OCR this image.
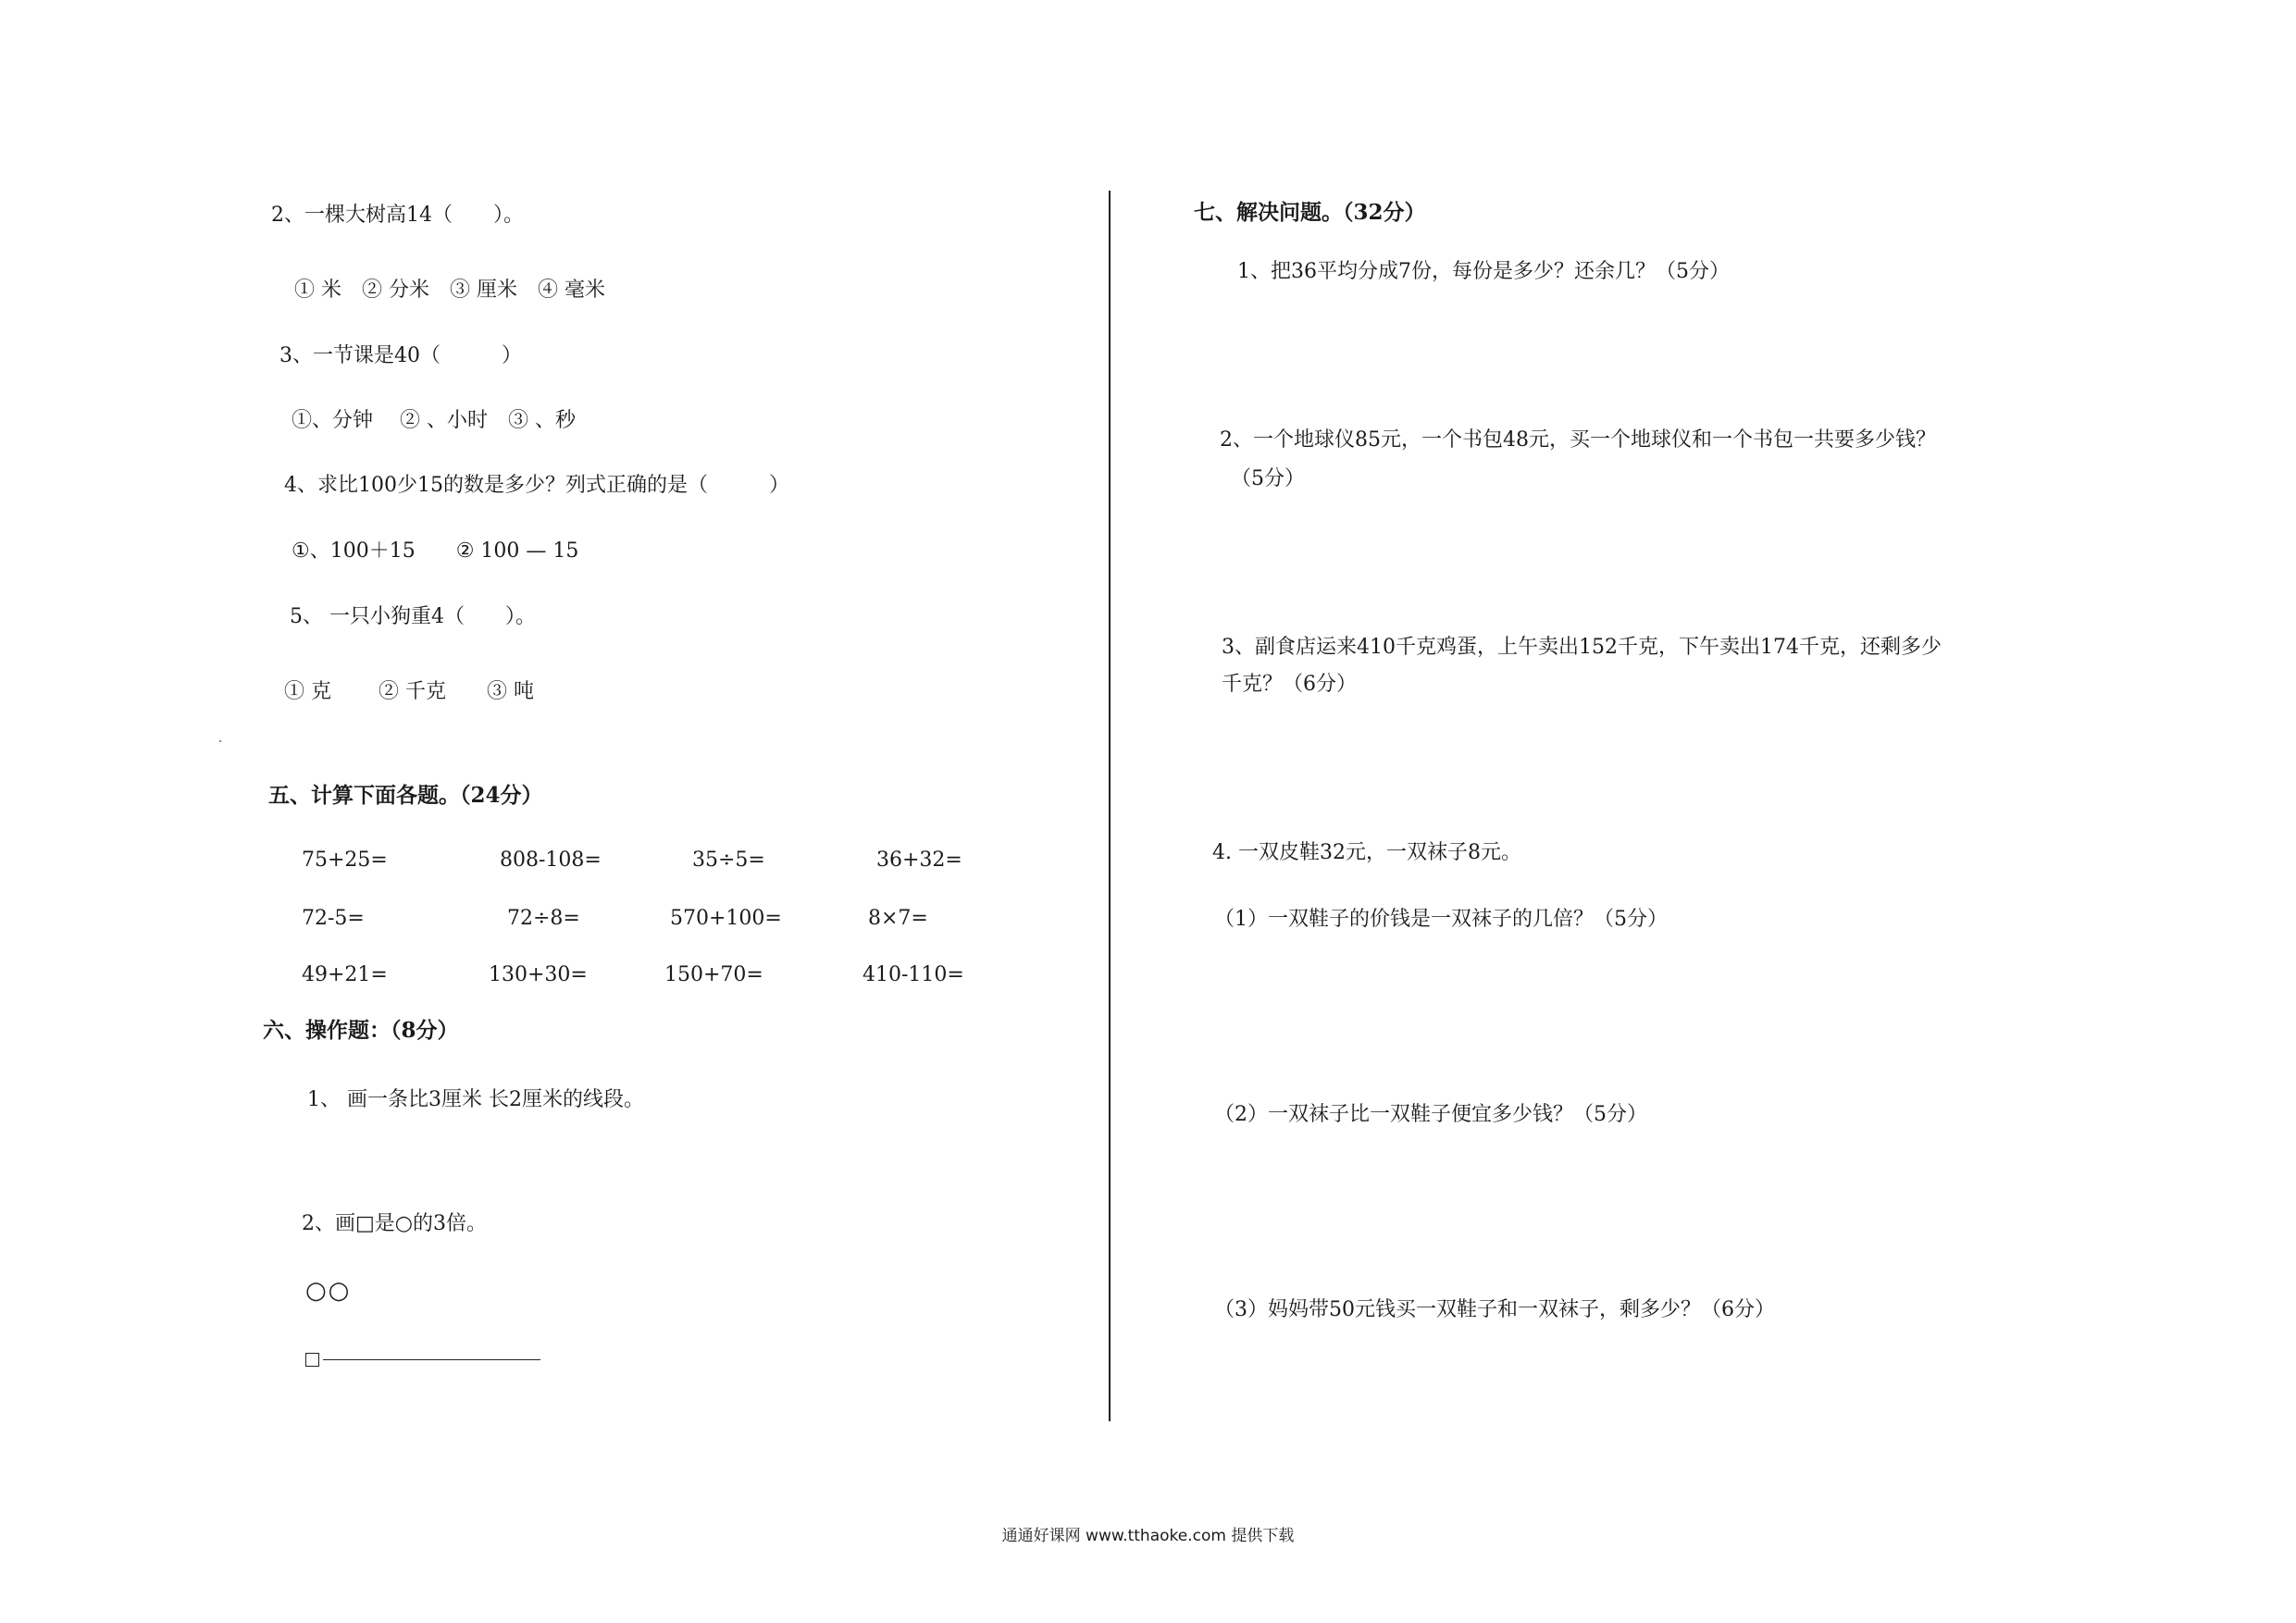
2、一棵大树高14（　　）。
① 米　② 分米　③ 厘米　④ 毫米
3、一节课是40（　　　）
①、分钟　 ② 、小时　③ 、秒
4、求比100少15的数是多少？列式正确的是（　　　）
①、100＋15　　② 100 — 15
5、 一只小狗重4（　　）。
① 克　　 ② 千克　　③ 吨
五、计算下面各题。（24分）
75+25=	808-108=	35÷5=	36+32=
72-5=	72÷8=	570+100=	8×7=
49+21=	130+30=	150+70=	410-110=
六、操作题：（8分）
1、 画一条比3厘米 长2厘米的线段。
2、画□是○的3倍。
○○
七、解决问题。（32分）
1、把36平均分成7份，每份是多少？还余几？（5分）
2、一个地球仪85元，一个书包48元，买一个地球仪和一个书包一共要多少钱？
（5分）
3、副食店运来410千克鸡蛋，上午卖出152千克，下午卖出174千克，还剩多少
千克？（6分）
4. 一双皮鞋32元，一双袜子8元。
（1）一双鞋子的价钱是一双袜子的几倍？（5分）
（2）一双袜子比一双鞋子便宜多少钱？（5分）
（3）妈妈带50元钱买一双鞋子和一双袜子，剩多少？（6分）
通通好课网 www.tthaoke.com 提供下载
